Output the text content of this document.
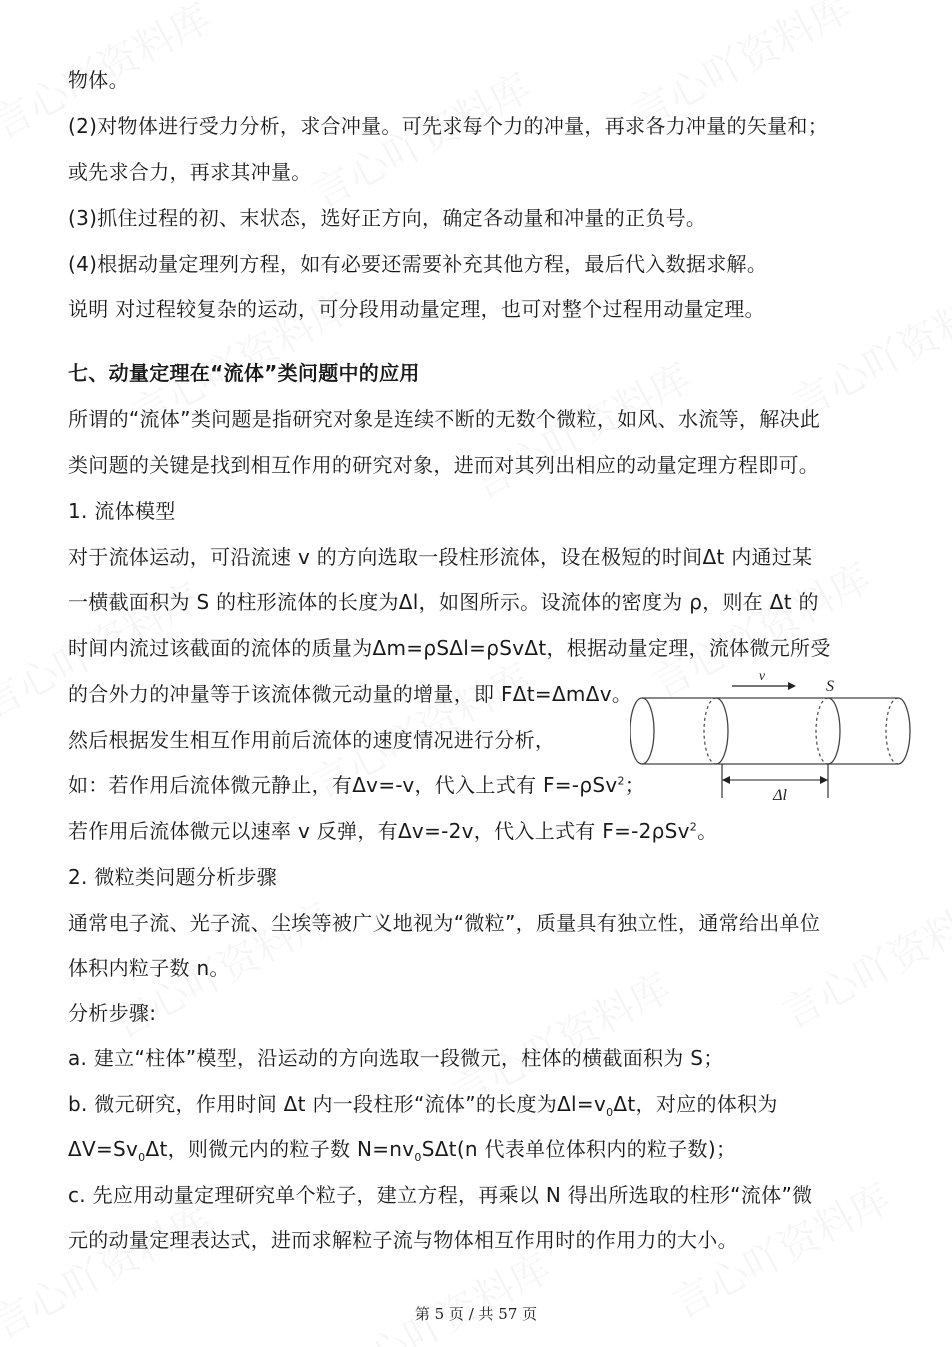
物体。
(2)对物体进行受力分析，求合冲量。可先求每个力的冲量，再求各力冲量的矢量和；
或先求合力，再求其冲量。
(3)抓住过程的初、末状态，选好正方向，确定各动量和冲量的正负号。
(4)根据动量定理列方程，如有必要还需要补充其他方程，最后代入数据求解。
说明 对过程较复杂的运动，可分段用动量定理，也可对整个过程用动量定理。
七、动量定理在“流体”类问题中的应用
所谓的“流体”类问题是指研究对象是连续不断的无数个微粒，如风、水流等，解决此
类问题的关键是找到相互作用的研究对象，进而对其列出相应的动量定理方程即可。
1. 流体模型
对于流体运动，可沿流速 v 的方向选取一段柱形流体，设在极短的时间Δt 内通过某
一横截面积为 S 的柱形流体的长度为Δl，如图所示。设流体的密度为 ρ，则在 Δt 的
时间内流过该截面的流体的质量为Δm=ρSΔl=ρSvΔt，根据动量定理，流体微元所受
的合外力的冲量等于该流体微元动量的增量，即 FΔt=ΔmΔv。
然后根据发生相互作用前后流体的速度情况进行分析，
如：若作用后流体微元静止，有Δv=-v，代入上式有 F=-ρSv$^2$；
若作用后流体微元以速率 v 反弹，有Δv=-2v，代入上式有 F=-2ρSv$^2$。
2. 微粒类问题分析步骤
通常电子流、光子流、尘埃等被广义地视为“微粒”，质量具有独立性，通常给出单位
体积内粒子数 n。
分析步骤:
a. 建立“柱体”模型，沿运动的方向选取一段微元，柱体的横截面积为 S；
b. 微元研究，作用时间 Δt 内一段柱形“流体”的长度为$\Delta l=v_0\Delta t$，对应的体积为
$\Delta V=Sv_0\Delta t$，则微元内的粒子数 $N=nv_0S\Delta t(n$ 代表单位体积内的粒子数)；
c. 先应用动量定理研究单个粒子，建立方程，再乘以 N 得出所选取的柱形“流体”微
元的动量定理表达式，进而求解粒子流与物体相互作用时的作用力的大小。
v
S
Δl
第 5 页 / 共 57 页
